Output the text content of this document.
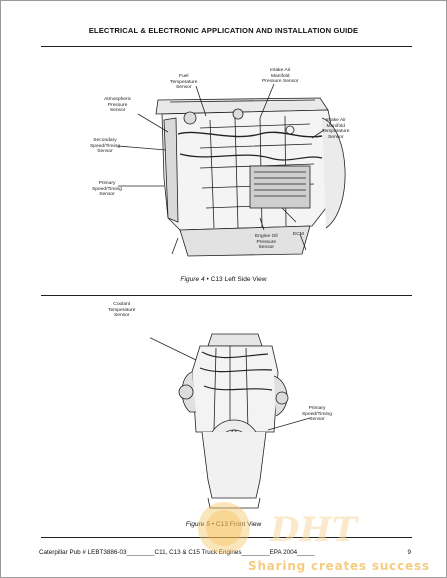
ELECTRICAL & ELECTRONIC APPLICATION AND INSTALLATION GUIDE
Fuel
Temperature
Sensor
Intake Air
Manifold
Pressure Sensor
Atmospheric
Pressure
Sensor
Intake Air
Manifold
Temperature
Sensor
Secondary
Speed/Timing
Sensor
Primary
Speed/Timing
Sensor
ECM
Engine Oil
Pressure
Sensor
Figure 4 • C13 Left Side View
Coolant
Temperature
Sensor
Primary
Speed/Timing
Sensor
Figure 5 • C13 Front View
Caterpillar Pub # LEBT3886-03________C11, C13 & C15 Truck Engines________EPA 2004_____	9
DHT
Sharing creates success
